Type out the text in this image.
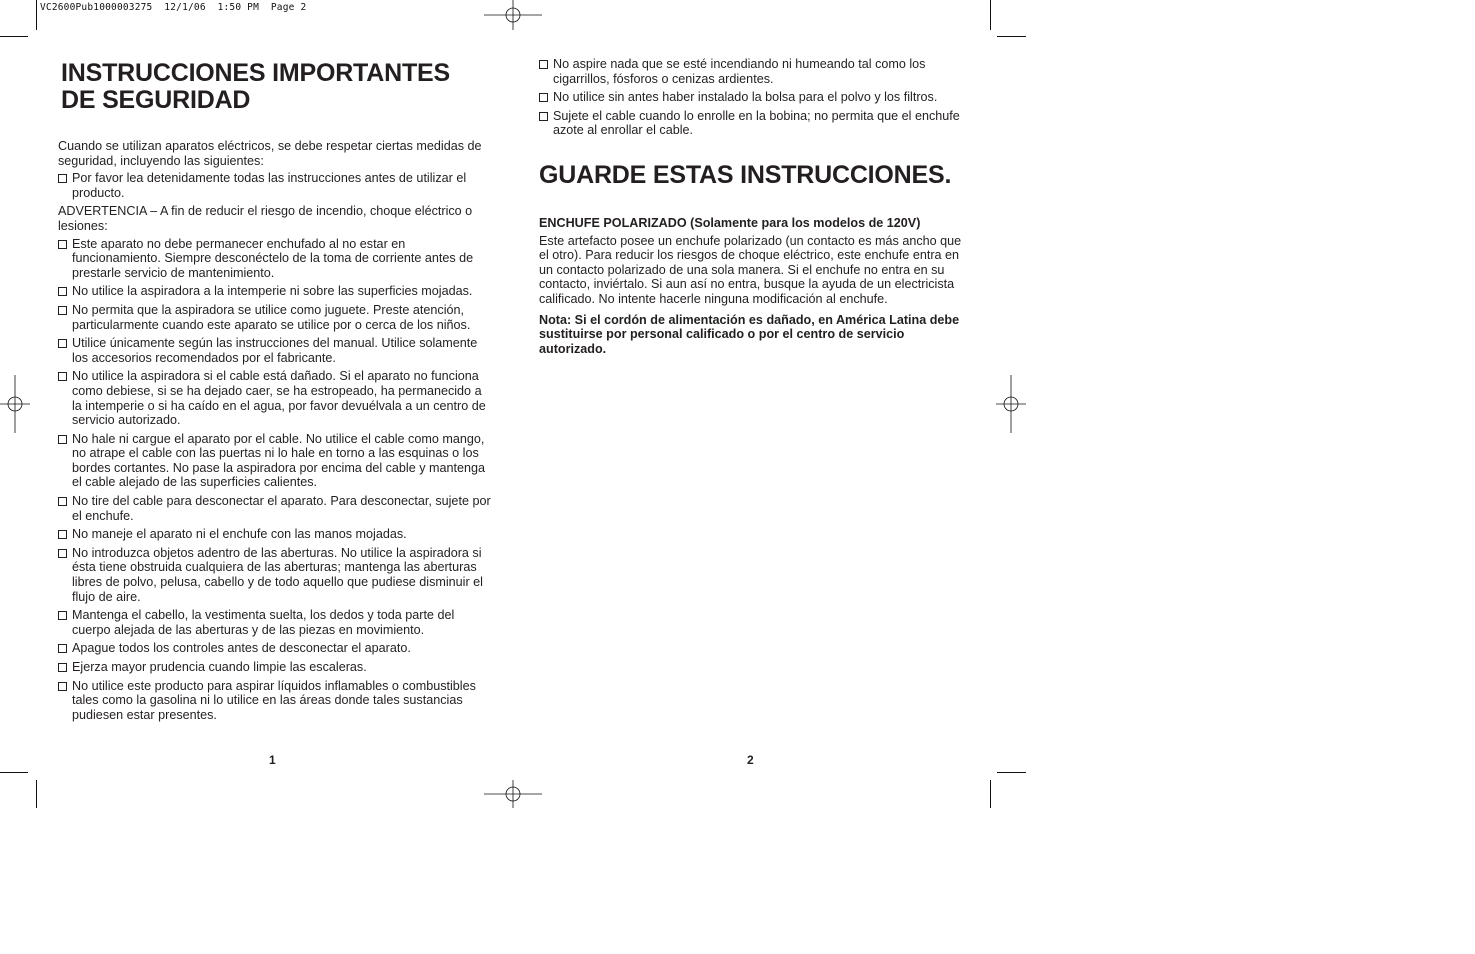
VC2600Pub1000003275  12/1/06  1:50 PM  Page 2
INSTRUCCIONES IMPORTANTES
DE SEGURIDAD

Cuando se utilizan aparatos eléctricos, se debe respetar ciertas medidas de seguridad, incluyendo las siguientes:

Por favor lea detenidamente todas las instrucciones antes de utilizar el producto.

ADVERTENCIA – A fin de reducir el riesgo de incendio, choque eléctrico o lesiones:

Este aparato no debe permanecer enchufado al no estar en funcionamiento. Siempre desconéctelo de la toma de corriente antes de prestarle servicio de mantenimiento.
No utilice la aspiradora a la intemperie ni sobre las superficies mojadas.
No permita que la aspiradora se utilice como juguete. Preste atención, particularmente cuando este aparato se utilice por o cerca de los niños.
Utilice únicamente según las instrucciones del manual. Utilice solamente los accesorios recomendados por el fabricante.
No utilice la aspiradora si el cable está dañado. Si el aparato no funciona como debiese, si se ha dejado caer, se ha estropeado, ha permanecido a la intemperie o si ha caído en el agua, por favor devuélvala a un centro de servicio autorizado.
No hale ni cargue el aparato por el cable. No utilice el cable como mango, no atrape el cable con las puertas ni lo hale en torno a las esquinas o los bordes cortantes. No pase la aspiradora por encima del cable y mantenga el cable alejado de las superficies calientes.
No tire del cable para desconectar el aparato. Para desconectar, sujete por el enchufe.
No maneje el aparato ni el enchufe con las manos mojadas.
No introduzca objetos adentro de las aberturas. No utilice la aspiradora si ésta tiene obstruida cualquiera de las aberturas; mantenga las aberturas libres de polvo, pelusa, cabello y de todo aquello que pudiese disminuir el flujo de aire.
Mantenga el cabello, la vestimenta suelta, los dedos y toda parte del cuerpo alejada de las aberturas y de las piezas en movimiento.
Apague todos los controles antes de desconectar el aparato.
Ejerza mayor prudencia cuando limpie las escaleras.
No utilice este producto para aspirar líquidos inflamables o combustibles tales como la gasolina ni lo utilice en las áreas donde tales sustancias pudiesen estar presentes.
1
No aspire nada que se esté incendiando ni humeando tal como los cigarrillos, fósforos o cenizas ardientes.
No utilice sin antes haber instalado la bolsa para el polvo y los filtros.
Sujete el cable cuando lo enrolle en la bobina; no permita que el enchufe azote al enrollar el cable.
GUARDE ESTAS INSTRUCCIONES.

ENCHUFE POLARIZADO (Solamente para los modelos de 120V)

Este artefacto posee un enchufe polarizado (un contacto es más ancho que el otro). Para reducir los riesgos de choque eléctrico, este enchufe entra en un contacto polarizado de una sola manera. Si el enchufe no entra en su contacto, inviértalo. Si aun así no entra, busque la ayuda de un electricista calificado. No intente hacerle ninguna modificación al enchufe.

Nota: Si el cordón de alimentación es dañado, en América Latina debe sustituirse por personal calificado o por el centro de servicio autorizado.

2
